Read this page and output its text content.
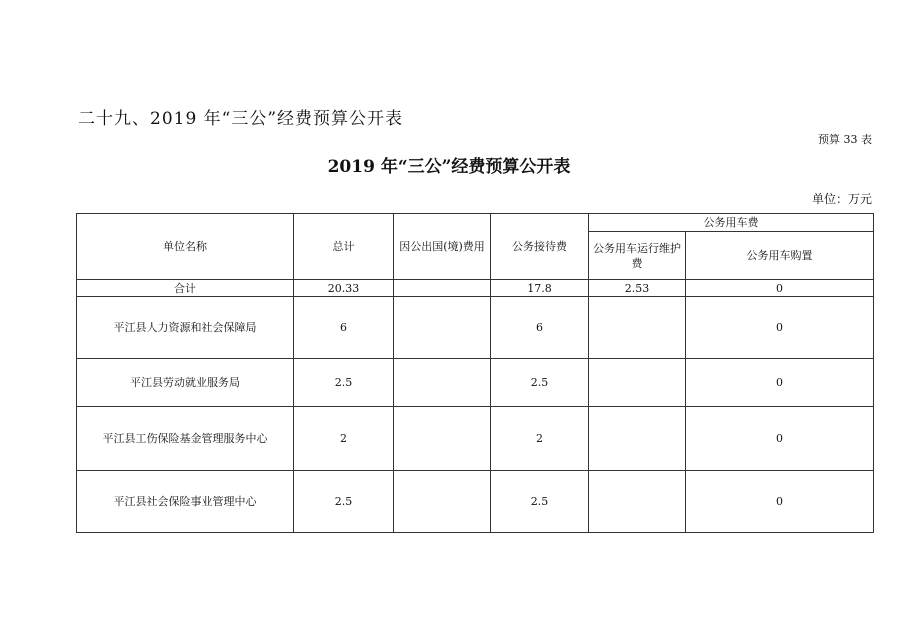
二十九、2019 年“三公”经费预算公开表
预算 33 表
2019 年“三公”经费预算公开表
单位：万元
单位名称	总计	因公出国(境)费用	公务接待费	公务用车费	
				公务用车运行维护费	公务用车购置
合计	20.33		17.8	2.53	0
平江县人力资源和社会保障局	6		6		0
平江县劳动就业服务局	2.5		2.5		0
平江县工伤保险基金管理服务中心	2		2		0
平江县社会保险事业管理中心	2.5		2.5		0
